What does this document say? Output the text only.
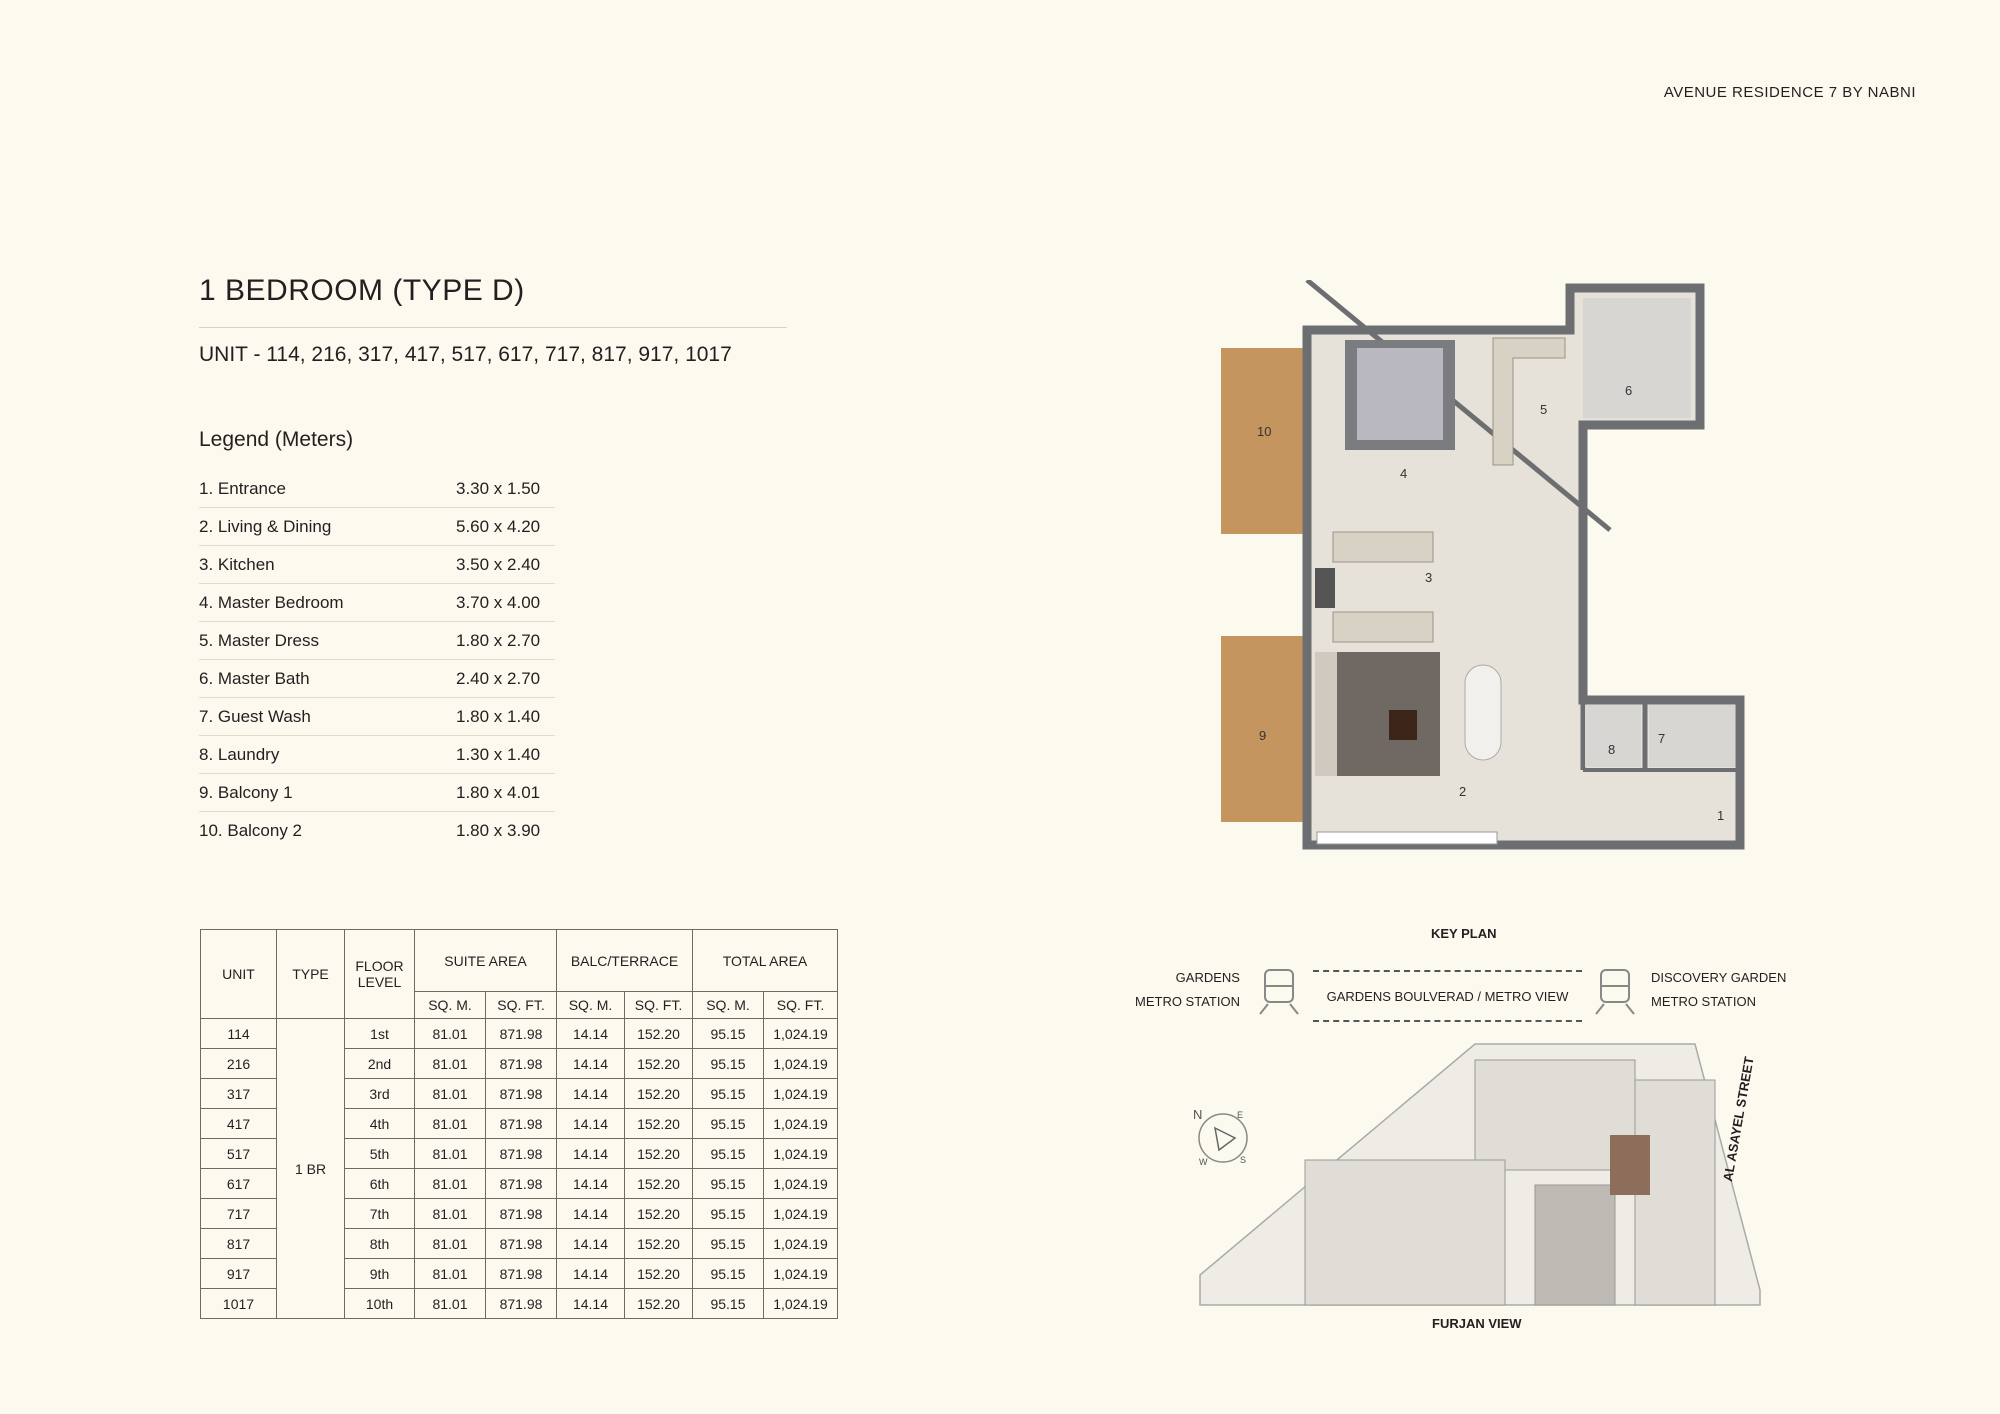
AVENUE RESIDENCE 7 BY NABNI
1 BEDROOM (TYPE D)
UNIT - 114, 216, 317, 417, 517, 617, 717, 817, 917, 1017
Legend (Meters)
1. Entrance	3.30 x 1.50
2. Living & Dining	5.60 x 4.20
3. Kitchen	3.50 x 2.40
4. Master Bedroom	3.70 x 4.00
5. Master Dress	1.80 x 2.70
6. Master Bath	2.40 x 2.70
7. Guest Wash	1.80 x 1.40
8. Laundry	1.30 x 1.40
9. Balcony 1	1.80 x 4.01
10. Balcony 2	1.80 x 3.90
UNIT	TYPE	FLOOR LEVEL	SUITE AREA		BALC/TERRACE		TOTAL AREA	
			SQ. M.	SQ. FT.	SQ. M.	SQ. FT.	SQ. M.	SQ. FT.
114	1 BR	1st	81.01	871.98	14.14	152.20	95.15	1,024.19
216		2nd	81.01	871.98	14.14	152.20	95.15	1,024.19
317		3rd	81.01	871.98	14.14	152.20	95.15	1,024.19
417		4th	81.01	871.98	14.14	152.20	95.15	1,024.19
517		5th	81.01	871.98	14.14	152.20	95.15	1,024.19
617		6th	81.01	871.98	14.14	152.20	95.15	1,024.19
717		7th	81.01	871.98	14.14	152.20	95.15	1,024.19
817		8th	81.01	871.98	14.14	152.20	95.15	1,024.19
917		9th	81.01	871.98	14.14	152.20	95.15	1,024.19
1017		10th	81.01	871.98	14.14	152.20	95.15	1,024.19
1
2
3
4
5
6
7
8
9
10
KEY PLAN
GARDENS
METRO STATION	GARDENS BOULVERAD / METRO VIEW
DISCOVERY GARDEN
METRO STATION
N	E
S
W
FURJAN VIEW
AL ASAYEL STREET
